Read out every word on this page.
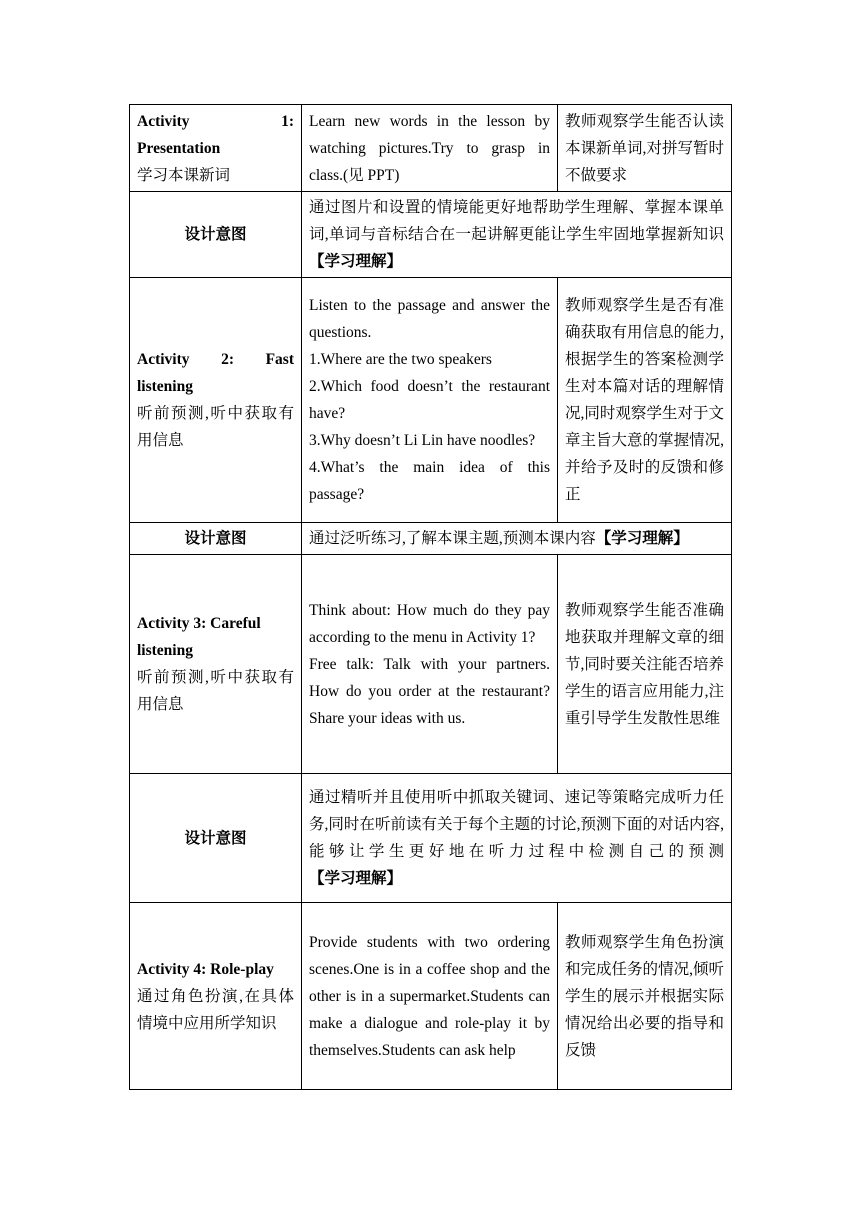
Activity 1:
Presentation
学习本课新词	Learn new words in the lesson by watching pictures.Try to grasp in class.(见 PPT)	教师观察学生能否认读本课新单词,对拼写暂时不做要求
设计意图	通过图片和设置的情境能更好地帮助学生理解、掌握本课单词,单词与音标结合在一起讲解更能让学生牢固地掌握新知识【学习理解】	

Activity 2: Fast
listening
听前预测,听中获取有用信息	Listen to the passage and answer the questions.
1.Where are the two speakers
2.Which food doesn’t the restaurant have?
3.Why doesn’t Li Lin have noodles?
4.What’s the main idea of this passage?	教师观察学生是否有准确获取有用信息的能力,根据学生的答案检测学生对本篇对话的理解情况,同时观察学生对于文章主旨大意的掌握情况,并给予及时的反馈和修正
设计意图	通过泛听练习,了解本课主题,预测本课内容【学习理解】	

Activity 3: Careful
listening
听前预测,听中获取有用信息	Think about: How much do they pay according to the menu in Activity 1?
Free talk: Talk with your partners. How do you order at the restaurant? Share your ideas with us.	教师观察学生能否准确地获取并理解文章的细节,同时要关注能否培养学生的语言应用能力,注重引导学生发散性思维
设计意图	通过精听并且使用听中抓取关键词、速记等策略完成听力任务,同时在听前读有关于每个主题的讨论,预测下面的对话内容,能够让学生更好地在听力过程中检测自己的预测【学习理解】	

Activity 4: Role-play
通过角色扮演,在具体情境中应用所学知识	Provide students with two ordering scenes.One is in a coffee shop and the other is in a supermarket.Students can make a dialogue and role-play it by themselves.Students can ask help	教师观察学生角色扮演和完成任务的情况,倾听学生的展示并根据实际情况给出必要的指导和反馈
